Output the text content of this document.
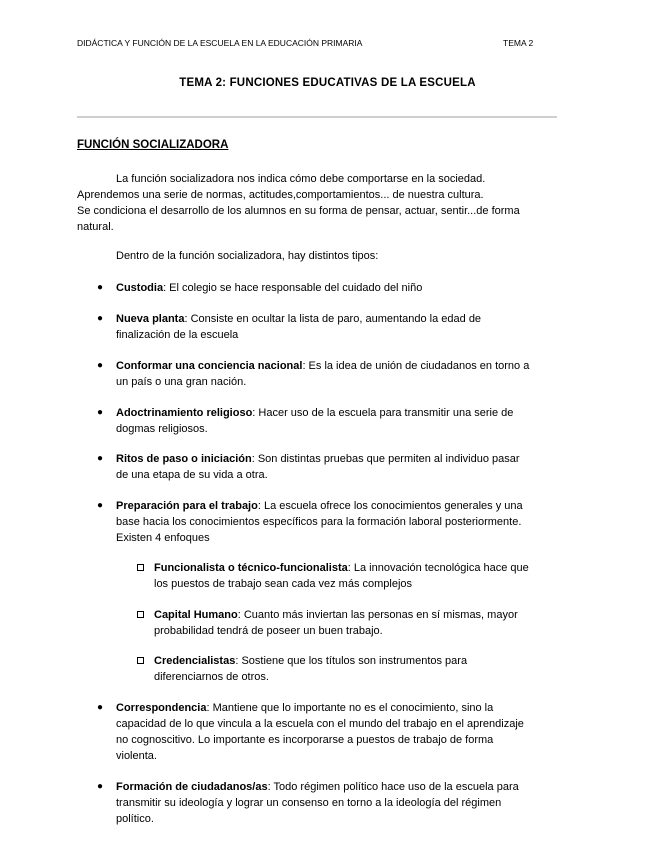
DIDÁCTICA Y FUNCIÓN DE LA ESCUELA EN LA EDUCACIÓN PRIMARIA	TEMA 2
TEMA 2: FUNCIONES EDUCATIVAS DE LA ESCUELA
FUNCIÓN SOCIALIZADORA
La función socializadora nos indica cómo debe comportarse en la sociedad.
Aprendemos una serie de normas, actitudes,comportamientos... de nuestra cultura.
Se condiciona el desarrollo de los alumnos en su forma de pensar, actuar, sentir...de forma
natural.
Dentro de la función socializadora, hay distintos tipos:
● Custodia: El colegio se hace responsable del cuidado del niño
● Nueva planta: Consiste en ocultar la lista de paro, aumentando la edad de
finalización de la escuela
● Conformar una conciencia nacional: Es la idea de unión de ciudadanos en torno a
un país o una gran nación.
● Adoctrinamiento religioso: Hacer uso de la escuela para transmitir una serie de
dogmas religiosos.
● Ritos de paso o iniciación: Son distintas pruebas que permiten al individuo pasar
de una etapa de su vida a otra.
● Preparación para el trabajo: La escuela ofrece los conocimientos generales y una
base hacia los conocimientos específicos para la formación laboral posteriormente.
Existen 4 enfoques
Funcionalista o técnico-funcionalista: La innovación tecnológica hace que
los puestos de trabajo sean cada vez más complejos
Capital Humano: Cuanto más inviertan las personas en sí mismas, mayor
probabilidad tendrá de poseer un buen trabajo.
Credencialistas: Sostiene que los títulos son instrumentos para
diferenciarnos de otros.
● Correspondencia: Mantiene que lo importante no es el conocimiento, sino la
capacidad de lo que vincula a la escuela con el mundo del trabajo en el aprendizaje
no cognoscitivo. Lo importante es incorporarse a puestos de trabajo de forma
violenta.
● Formación de ciudadanos/as: Todo régimen político hace uso de la escuela para
transmitir su ideología y lograr un consenso en torno a la ideología del régimen
político.
